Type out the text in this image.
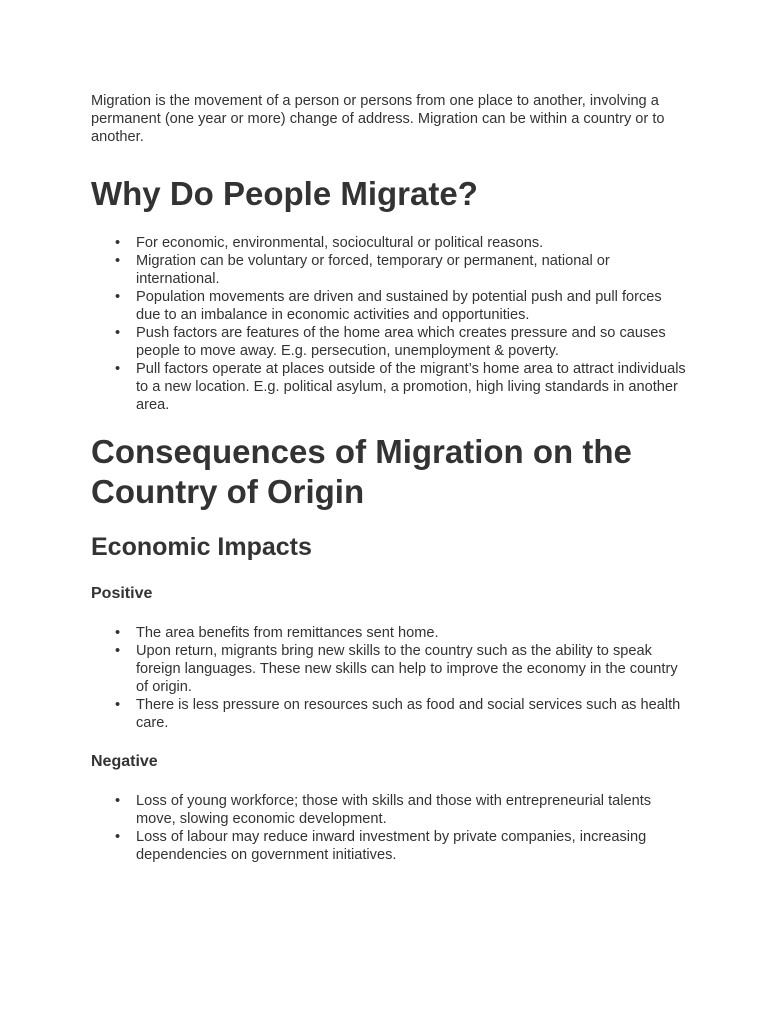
Migration is the movement of a person or persons from one place to another, involving a permanent (one year or more) change of address. Migration can be within a country or to another.

Why Do People Migrate?
• For economic, environmental, sociocultural or political reasons.
• Migration can be voluntary or forced, temporary or permanent, national or international.
• Population movements are driven and sustained by potential push and pull forces due to an imbalance in economic activities and opportunities.
• Push factors are features of the home area which creates pressure and so causes people to move away. E.g. persecution, unemployment & poverty.
• Pull factors operate at places outside of the migrant’s home area to attract individuals to a new location. E.g. political asylum, a promotion, high living standards in another area.
Consequences of Migration on the Country of Origin
Economic Impacts
Positive
• The area benefits from remittances sent home.
• Upon return, migrants bring new skills to the country such as the ability to speak foreign languages. These new skills can help to improve the economy in the country of origin.
• There is less pressure on resources such as food and social services such as health care.
Negative
• Loss of young workforce; those with skills and those with entrepreneurial talents move, slowing economic development.
• Loss of labour may reduce inward investment by private companies, increasing dependencies on government initiatives.
